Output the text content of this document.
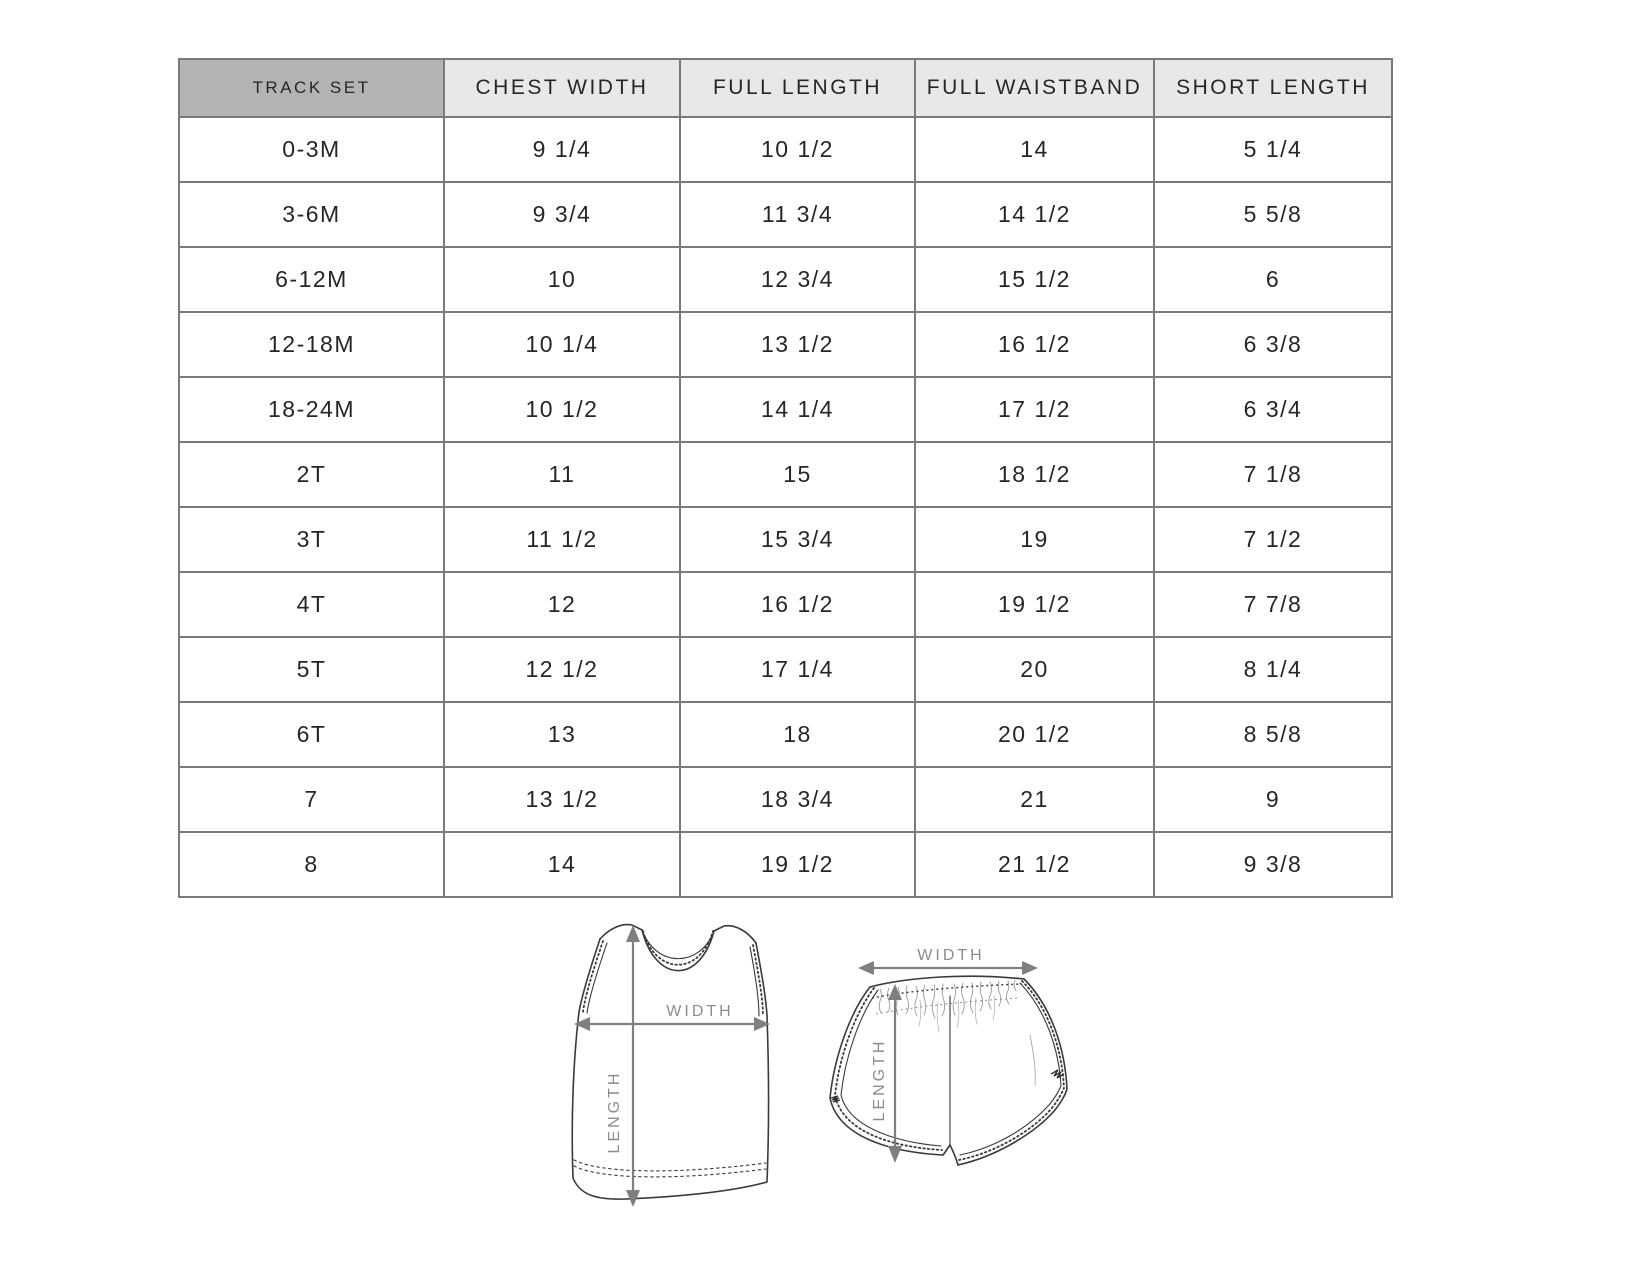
TRACK SET	CHEST WIDTH	FULL LENGTH	FULL WAISTBAND	SHORT LENGTH
0-3M	9 1/4	10 1/2	14	5 1/4
3-6M	9 3/4	11 3/4	14 1/2	5 5/8
6-12M	10	12 3/4	15 1/2	6
12-18M	10 1/4	13 1/2	16 1/2	6 3/8
18-24M	10 1/2	14 1/4	17 1/2	6 3/4
2T	11	15	18 1/2	7 1/8
3T	11 1/2	15 3/4	19	7 1/2
4T	12	16 1/2	19 1/2	7 7/8
5T	12 1/2	17 1/4	20	8 1/4
6T	13	18	20 1/2	8 5/8
7	13 1/2	18 3/4	21	9
8	14	19 1/2	21 1/2	9 3/8
LENGTH
WIDTH
WIDTH
LENGTH
